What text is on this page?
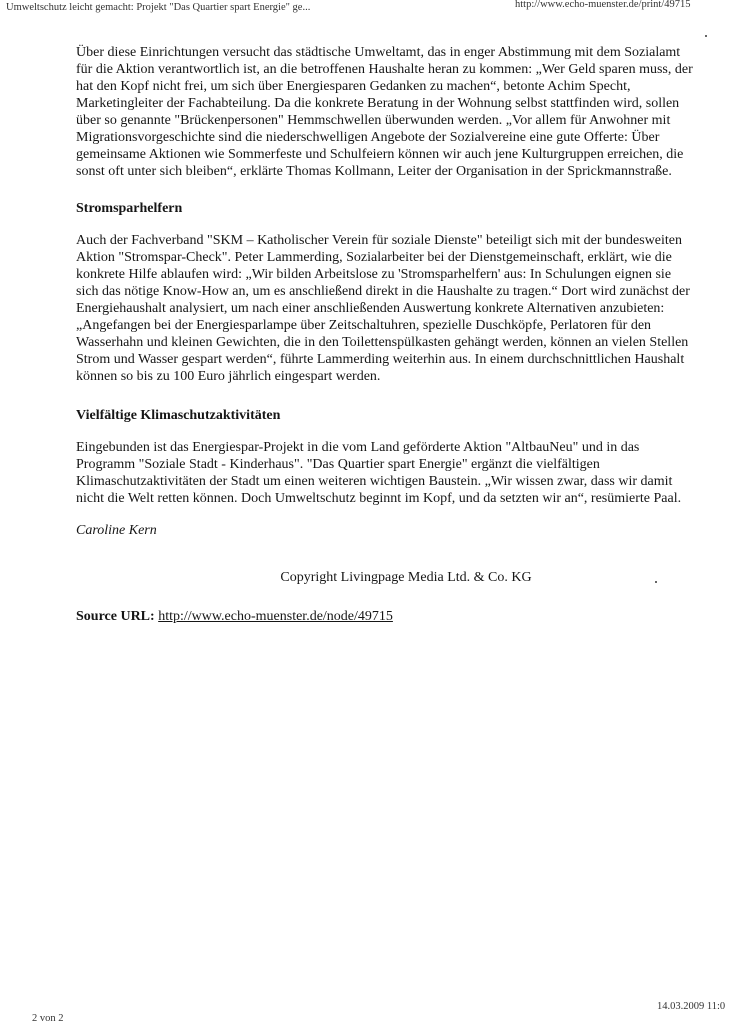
Umweltschutz leicht gemacht: Projekt "Das Quartier spart Energie" ge...	http://www.echo-muenster.de/print/49715

Über diese Einrichtungen versucht das städtische Umweltamt, das in enger Abstimmung mit dem Sozialamt für die Aktion verantwortlich ist, an die betroffenen Haushalte heran zu kommen: „Wer Geld sparen muss, der hat den Kopf nicht frei, um sich über Energiesparen Gedanken zu machen“, betonte Achim Specht, Marketingleiter der Fachabteilung. Da die konkrete Beratung in der Wohnung selbst stattfinden wird, sollen über so genannte "Brückenpersonen" Hemmschwellen überwunden werden. „Vor allem für Anwohner mit Migrationsvorgeschichte sind die niederschwelligen Angebote der Sozialvereine eine gute Offerte: Über gemeinsame Aktionen wie Sommerfeste und Schulfeiern können wir auch jene Kulturgruppen erreichen, die sonst oft unter sich bleiben“, erklärte Thomas Kollmann, Leiter der Organisation in der Sprickmannstraße.

Stromsparhelfern

Auch der Fachverband "SKM – Katholischer Verein für soziale Dienste" beteiligt sich mit der bundesweiten Aktion "Stromspar-Check". Peter Lammerding, Sozialarbeiter bei der Dienstgemeinschaft, erklärt, wie die konkrete Hilfe ablaufen wird: „Wir bilden Arbeitslose zu 'Stromsparhelfern' aus: In Schulungen eignen sie sich das nötige Know-How an, um es anschließend direkt in die Haushalte zu tragen.“ Dort wird zunächst der Energiehaushalt analysiert, um nach einer anschließenden Auswertung konkrete Alternativen anzubieten: „Angefangen bei der Energiesparlampe über Zeitschaltuhren, spezielle Duschköpfe, Perlatoren für den Wasserhahn und kleinen Gewichten, die in den Toilettenspülkasten gehängt werden, können an vielen Stellen Strom und Wasser gespart werden“, führte Lammerding weiterhin aus. In einem durchschnittlichen Haushalt können so bis zu 100 Euro jährlich eingespart werden.

Vielfältige Klimaschutzaktivitäten

Eingebunden ist das Energiespar-Projekt in die vom Land geförderte Aktion "AltbauNeu" und in das Programm "Soziale Stadt - Kinderhaus". "Das Quartier spart Energie" ergänzt die vielfältigen Klimaschutzaktivitäten der Stadt um einen weiteren wichtigen Baustein. „Wir wissen zwar, dass wir damit nicht die Welt retten können. Doch Umweltschutz beginnt im Kopf, und da setzten wir an“, resümierte Paal.

Caroline Kern

Copyright Livingpage Media Ltd. & Co. KG

Source URL: http://www.echo-muenster.de/node/49715

14.03.2009 11:0
2 von 2
